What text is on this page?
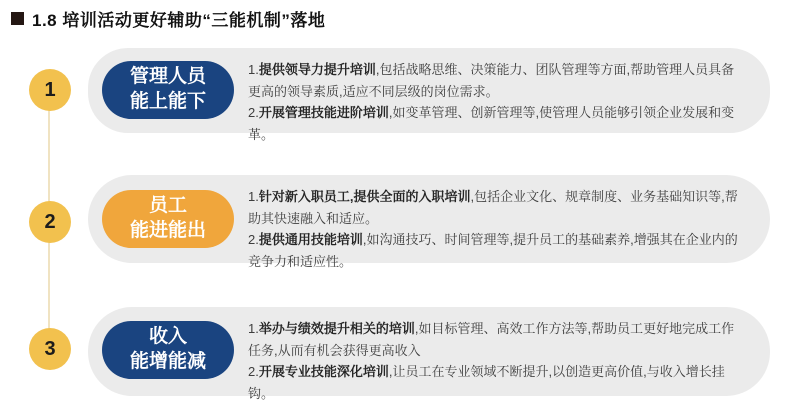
1.8 培训活动更好辅助“三能机制”落地

1.提供领导力提升培训,包括战略思维、决策能力、团队管理等方面,帮助管理人员具备更高的领导素质,适应不同层级的岗位需求。

2.开展管理技能进阶培训,如变革管理、创新管理等,使管理人员能够引领企业发展和变革。

1.针对新入职员工,提供全面的入职培训,包括企业文化、规章制度、业务基础知识等,帮助其快速融入和适应。

2.提供通用技能培训,如沟通技巧、时间管理等,提升员工的基础素养,增强其在企业内的竞争力和适应性。

1.举办与绩效提升相关的培训,如目标管理、高效工作方法等,帮助员工更好地完成工作任务,从而有机会获得更高收入

2.开展专业技能深化培训,让员工在专业领域不断提升,以创造更高价值,与收入增长挂钩。

管理人员
能上能下
员工
能进能出
收入
能增能减
1
2
3
